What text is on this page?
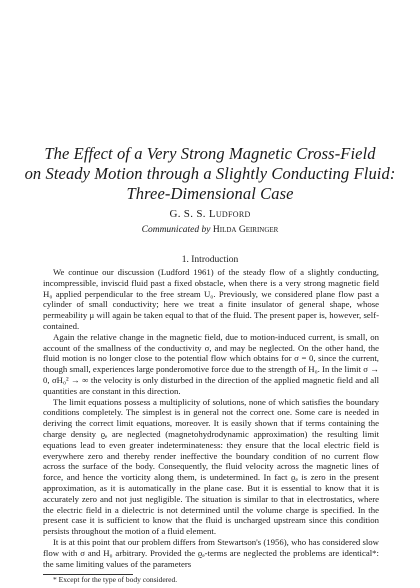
The Effect of a Very Strong Magnetic Cross-Field
on Steady Motion through a Slightly Conducting Fluid:
Three-Dimensional Case
G. S. S. Ludford
Communicated by Hilda Geiringer
1. Introduction

We continue our discussion (Ludford 1961) of the steady flow of a slightly conducting, incompressible, inviscid fluid past a fixed obstacle, when there is a very strong magnetic field H₀ applied perpendicular to the free stream U₀. Previously, we considered plane flow past a cylinder of small conductivity; here we treat a finite insulator of general shape, whose permeability μ will again be taken equal to that of the fluid. The present paper is, however, self-contained.

Again the relative change in the magnetic field, due to motion-induced current, is small, on account of the smallness of the conductivity σ, and may be neglected. On the other hand, the fluid motion is no longer close to the potential flow which obtains for σ = 0, since the current, though small, experiences large ponderomotive force due to the strength of H₀. In the limit σ → 0, σH₀² → ∞ the velocity is only disturbed in the direction of the applied magnetic field and all quantities are constant in this direction.

The limit equations possess a multiplicity of solutions, none of which satisfies the boundary conditions completely. The simplest is in general not the correct one. Some care is needed in deriving the correct limit equations, moreover. It is easily shown that if terms containing the charge density ϱₑ are neglected (magnetohydrodynamic approximation) the resulting limit equations lead to even greater indeterminateness: they ensure that the local electric field is everywhere zero and thereby render ineffective the boundary condition of no current flow across the surface of the body. Consequently, the fluid velocity across the magnetic lines of force, and hence the vorticity along them, is undetermined. In fact ϱₑ is zero in the present approximation, as it is automatically in the plane case. But it is essential to know that it is accurately zero and not just negligible. The situation is similar to that in electrostatics, where the electric field in a dielectric is not determined until the volume charge is specified. In the present case it is sufficient to know that the fluid is uncharged upstream since this condition persists throughout the motion of a fluid element.

It is at this point that our problem differs from Stewartson's (1956), who has considered slow flow with σ and H₀ arbitrary. Provided the ϱₑ-terms are neglected the problems are identical*: the same limiting values of the parameters

* Except for the type of body considered.
